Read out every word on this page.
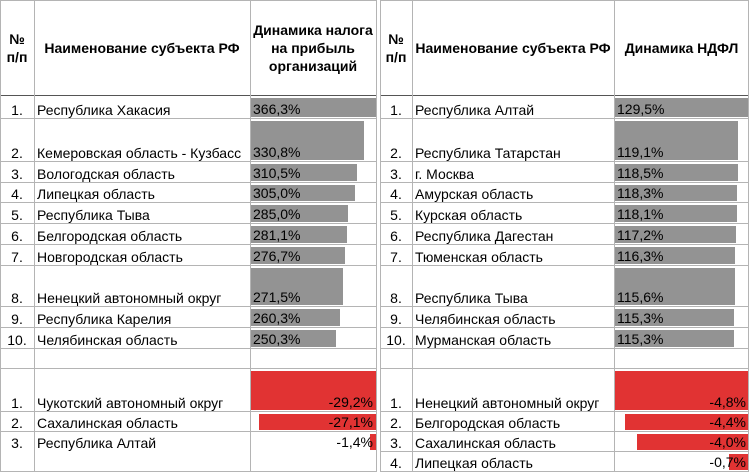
№ п/п
Наименование субъекта РФ
Динамика налога на прибыль организаций
1.	Республика Хакасия	366,3%
2.	Кемеровская область - Кузбасс 330,8%
3.	Вологодская область	310,5%
4.	Липецкая область	305,0%
5.	Республика Тыва	285,0%
6.	Белгородская область	281,1%
7.	Новгородская область	276,7%
8.	Ненецкий автономный округ	271,5%
9.	Республика Карелия	260,3%
10. Челябинская область	250,3%
1.	Чукотский автономный округ	-29,2%
2.	Сахалинская область	-27,1%
3.	Республика Алтай	-1,4%
№ п/п
Наименование субъекта РФ	Динамика НДФЛ
1. Республика Алтай	129,5%
2. Республика Татарстан	119,1%
3. г. Москва	118,5%
4. Амурская область	118,3%
5. Курская область	118,1%
6. Республика Дагестан	117,2%
7. Тюменская область	116,3%
8. Республика Тыва	115,6%
9. Челябинская область	115,3%
10. Мурманская область	115,3%
1. Ненецкий автономный округ	-4,8%
2. Белгородская область	-4,4%
3. Сахалинская область	-4,0%
4. Липецкая область	-0,7%
